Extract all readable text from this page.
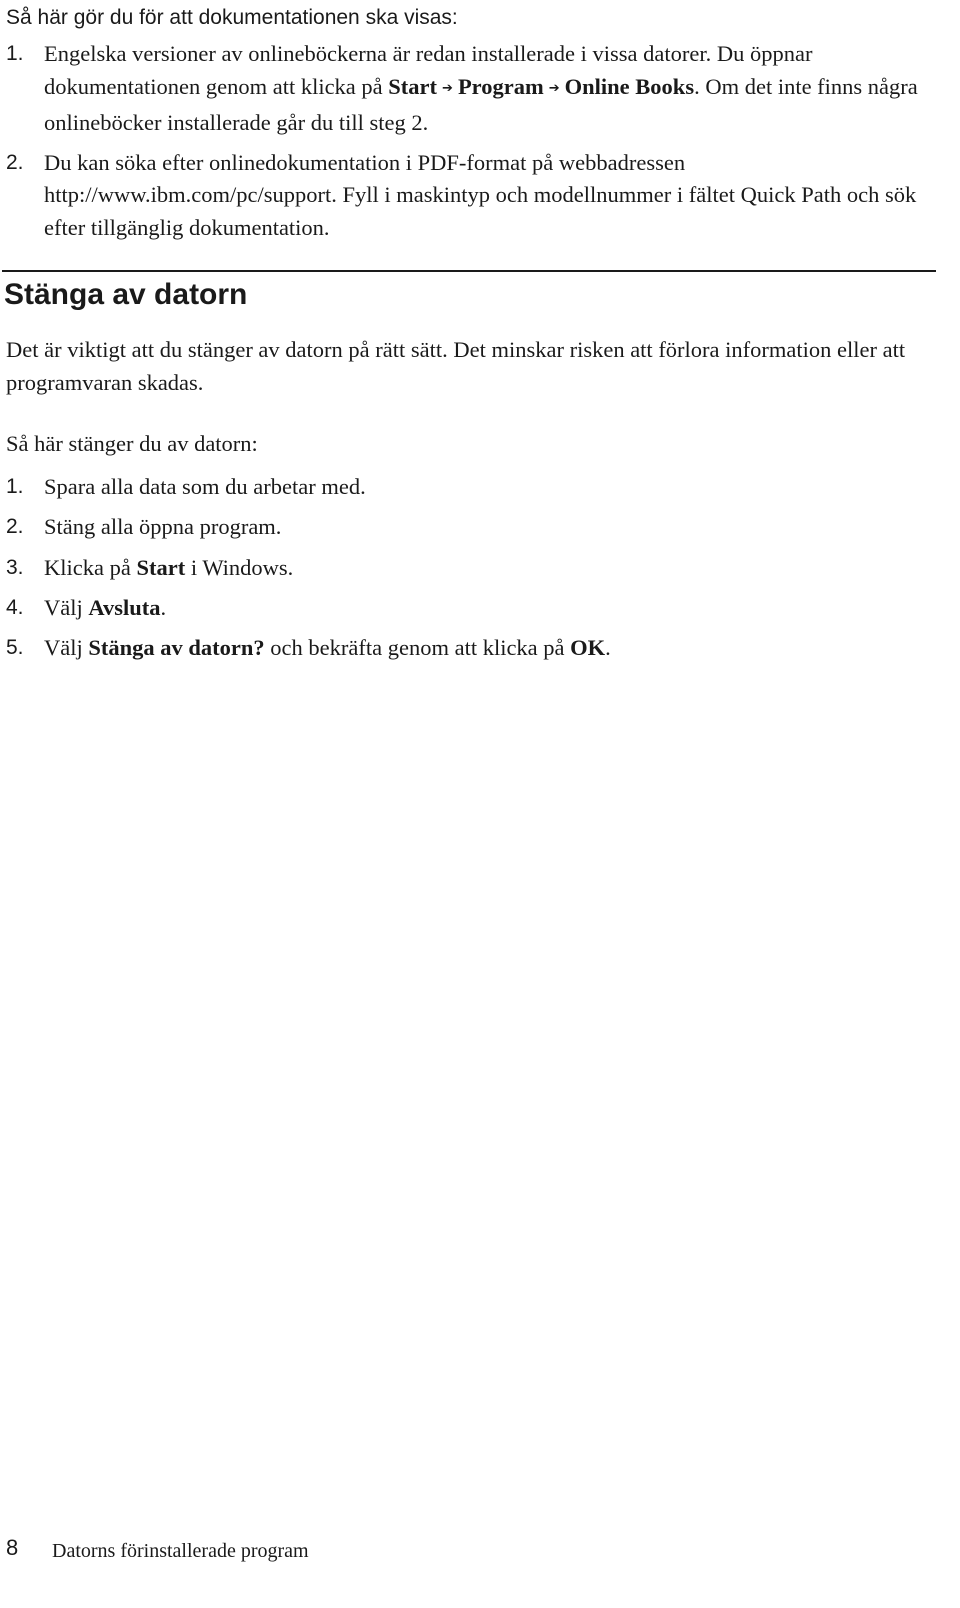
Så här gör du för att dokumentationen ska visas:
1. Engelska versioner av onlineböckerna är redan installerade i vissa datorer. Du öppnar dokumentationen genom att klicka på Start ➔ Program ➔ Online Books. Om det inte finns några onlineböcker installerade går du till steg 2.
2. Du kan söka efter onlinedokumentation i PDF-format på webbadressen http://www.ibm.com/pc/support. Fyll i maskintyp och modellnummer i fältet Quick Path och sök efter tillgänglig dokumentation.
Stänga av datorn

Det är viktigt att du stänger av datorn på rätt sätt. Det minskar risken att förlora information eller att programvaran skadas.

Så här stänger du av datorn:

1. Spara alla data som du arbetar med.
2. Stäng alla öppna program.
3. Klicka på Start i Windows.
4. Välj Avsluta.
5. Välj Stänga av datorn? och bekräfta genom att klicka på OK.
8 Datorns förinstallerade program
